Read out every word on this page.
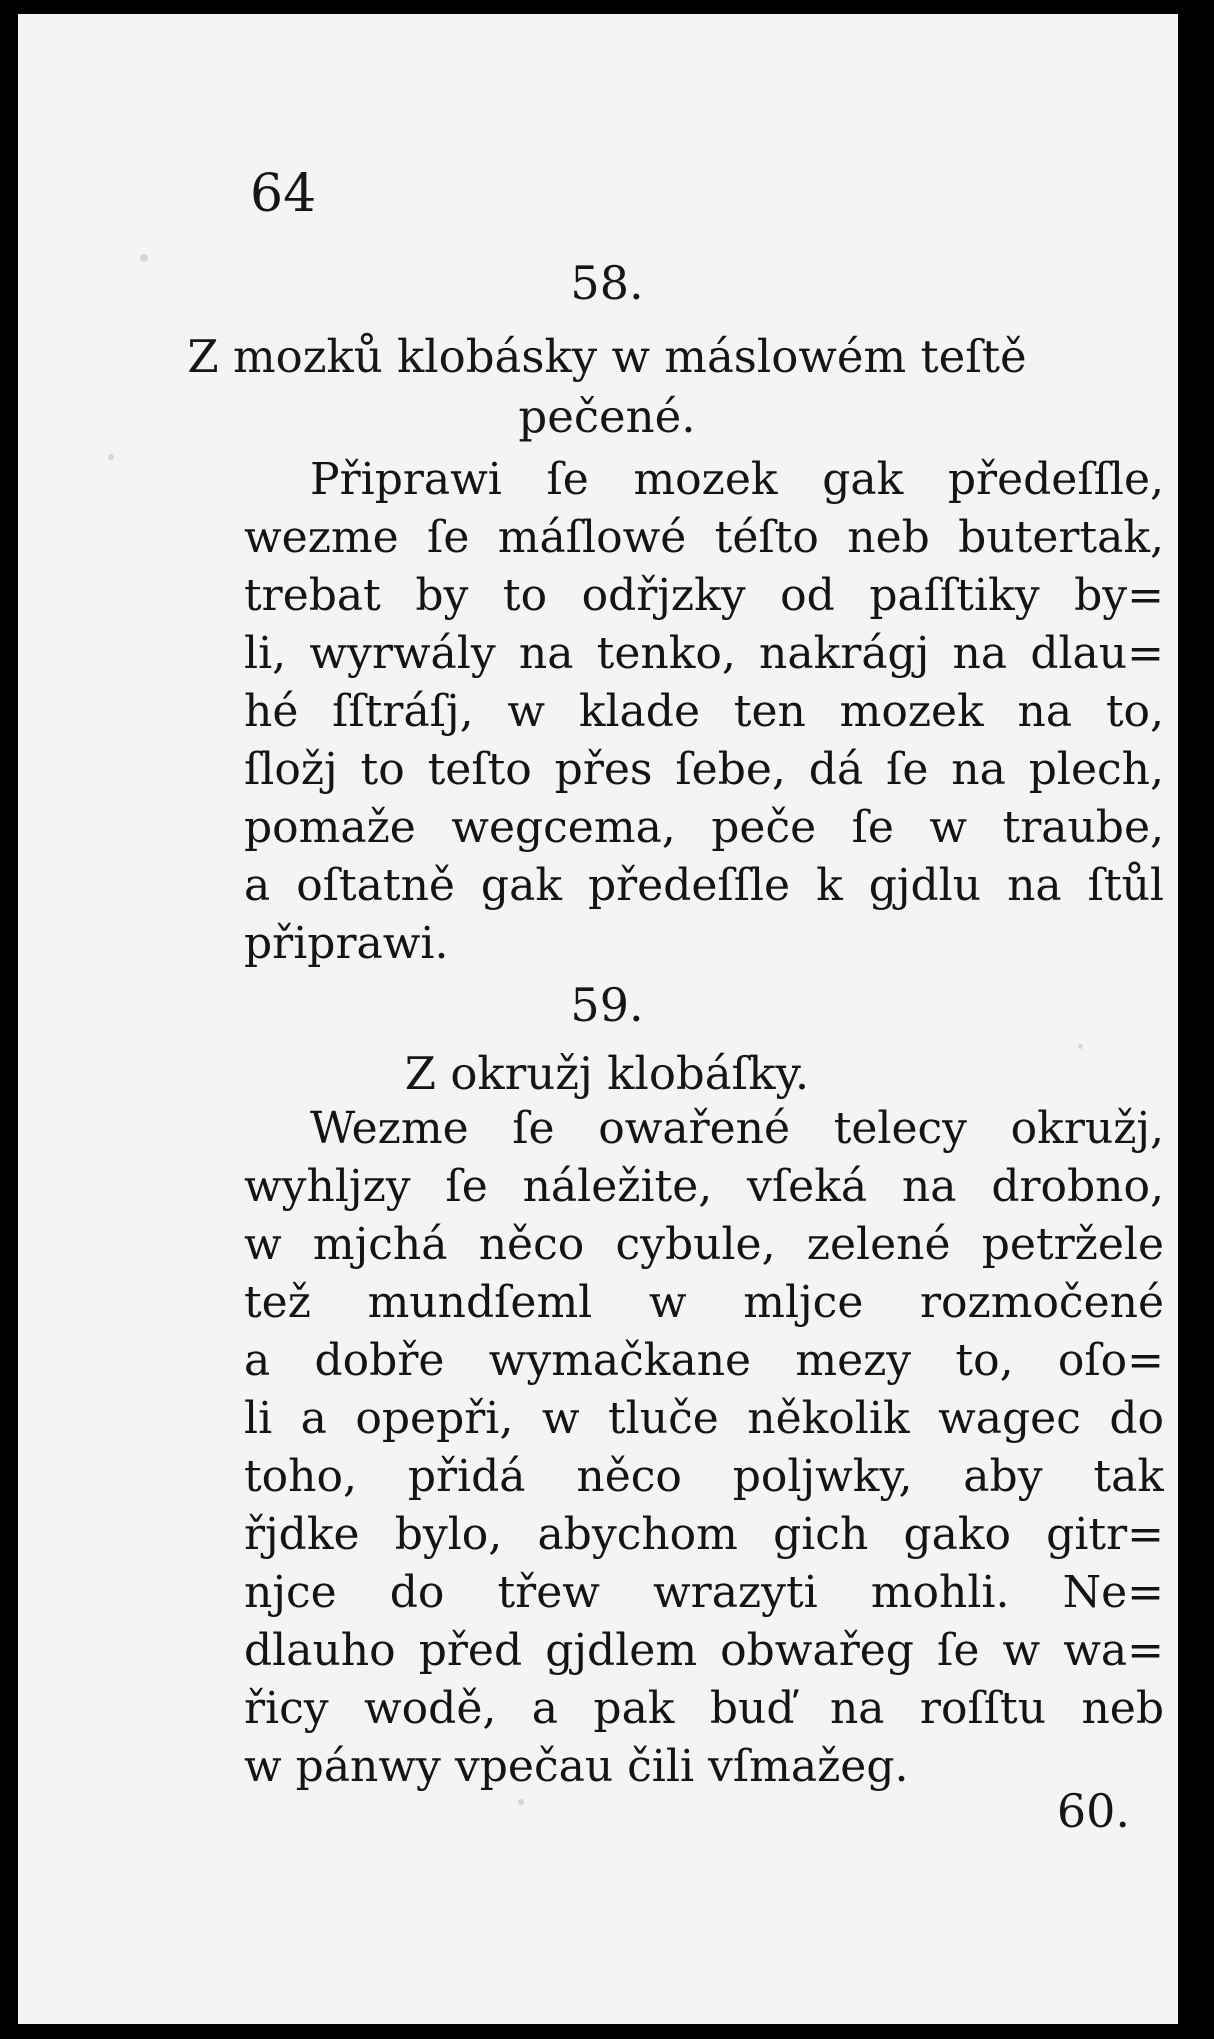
64
58.
Z mozků klobásky w máslowém teſtě
pečené.
Připrawi ſe mozek gak předeſſle,
wezme ſe máſlowé téſto neb butertak,
trebat by to odřjzky od paſſtiky by=
li, wyrwály na tenko, nakrágj na dlau=
hé ſſtráſj, w klade ten mozek na to,
ſložj to teſto přes ſebe, dá ſe na plech,
pomaže wegcema, peče ſe w traube,
a oſtatně gak předeſſle k gjdlu na ſtůl
připrawi.
59.
Z okružj klobáſky.
Wezme ſe owařené telecy okružj,
wyhljzy ſe náležite, vſeká na drobno,
w mjchá něco cybule, zelené petržele
tež mundſeml w mljce rozmočené
a dobře wymačkane mezy to, oſo=
li a opepři, w tluče několik wagec do
toho, přidá něco poljwky, aby tak
řjdke bylo, abychom gich gako gitr=
njce do třew wrazyti mohli. Ne=
dlauho před gjdlem obwařeg ſe w wa=
řicy wodě, a pak buď na roſſtu neb
w pánwy vpečau čili vſmažeg.
60.
